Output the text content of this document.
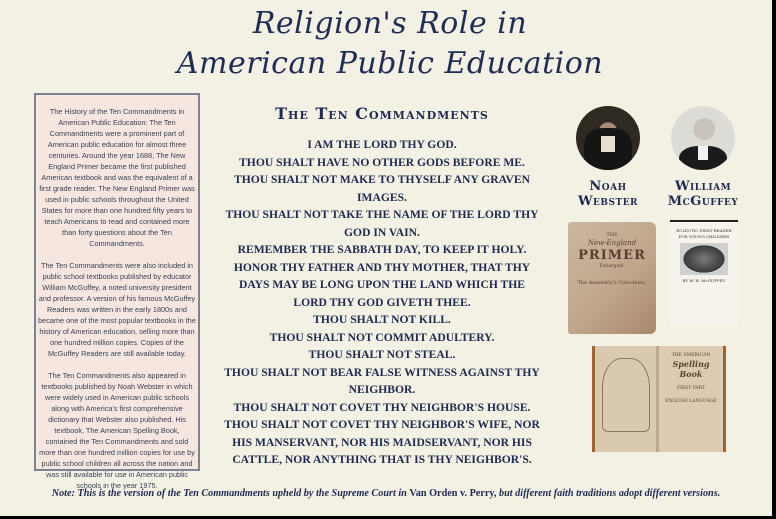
Religion's Role in
American Public Education

The History of the Ten Commandments in American Public Education: The Ten Commandments were a prominent part of American public education for almost three centuries. Around the year 1688, The New England Primer became the first published American textbook and was the equivalent of a first grade reader. The New England Primer was used in public schools throughout the United States for more than one hundred fifty years to teach Americans to read and contained more than forty questions about the Ten Commandments.

The Ten Commandments were also included in public school textbooks published by educator William McGuffey, a noted university president and professor. A version of his famous McGuffey Readers was written in the early 1800s and became one of the most popular textbooks in the history of American education, selling more than one hundred million copies. Copies of the McGuffey Readers are still available today.

The Ten Commandments also appeared in textbooks published by Noah Webster in which were widely used in American public schools along with America's first comprehensive dictionary that Webster also published. His textbook, The American Spelling Book, contained the Ten Commandments and sold more than one hundred million copies for use by public school children all across the nation and was still available for use in American public schools in the year 1975.

The Ten Commandments
I AM THE LORD THY GOD.
THOU SHALT HAVE NO OTHER GODS BEFORE ME.
THOU SHALT NOT MAKE TO THYSELF ANY GRAVEN IMAGES.
THOU SHALT NOT TAKE THE NAME OF THE LORD THY GOD IN VAIN.
REMEMBER THE SABBATH DAY, TO KEEP IT HOLY.
HONOR THY FATHER AND THY MOTHER, THAT THY DAYS MAY BE LONG UPON THE LAND WHICH THE LORD THY GOD GIVETH THEE.
THOU SHALT NOT KILL.
THOU SHALT NOT COMMIT ADULTERY.
THOU SHALT NOT STEAL.
THOU SHALT NOT BEAR FALSE WITNESS AGAINST THY NEIGHBOR.
THOU SHALT NOT COVET THY NEIGHBOR'S HOUSE.
THOU SHALT NOT COVET THY NEIGHBOR'S WIFE, NOR HIS MANSERVANT, NOR HIS MAIDSERVANT, NOR HIS CATTLE, NOR ANYTHING THAT IS THY NEIGHBOR'S.
Noah
Webster
William
McGuffey
THE
New-England
PRIMER
Enlarged.
The Assembly's Catechism.
ECLECTIC FIRST READER
FOR YOUNG CHILDREN
BY W. H. McGUFFEY
THE AMERICAN
Spelling Book
FIRST PART
ENGLISH LANGUAGE
Note: This is the version of the Ten Commandments upheld by the Supreme Court in Van Orden v. Perry, but different faith traditions adopt different versions.
